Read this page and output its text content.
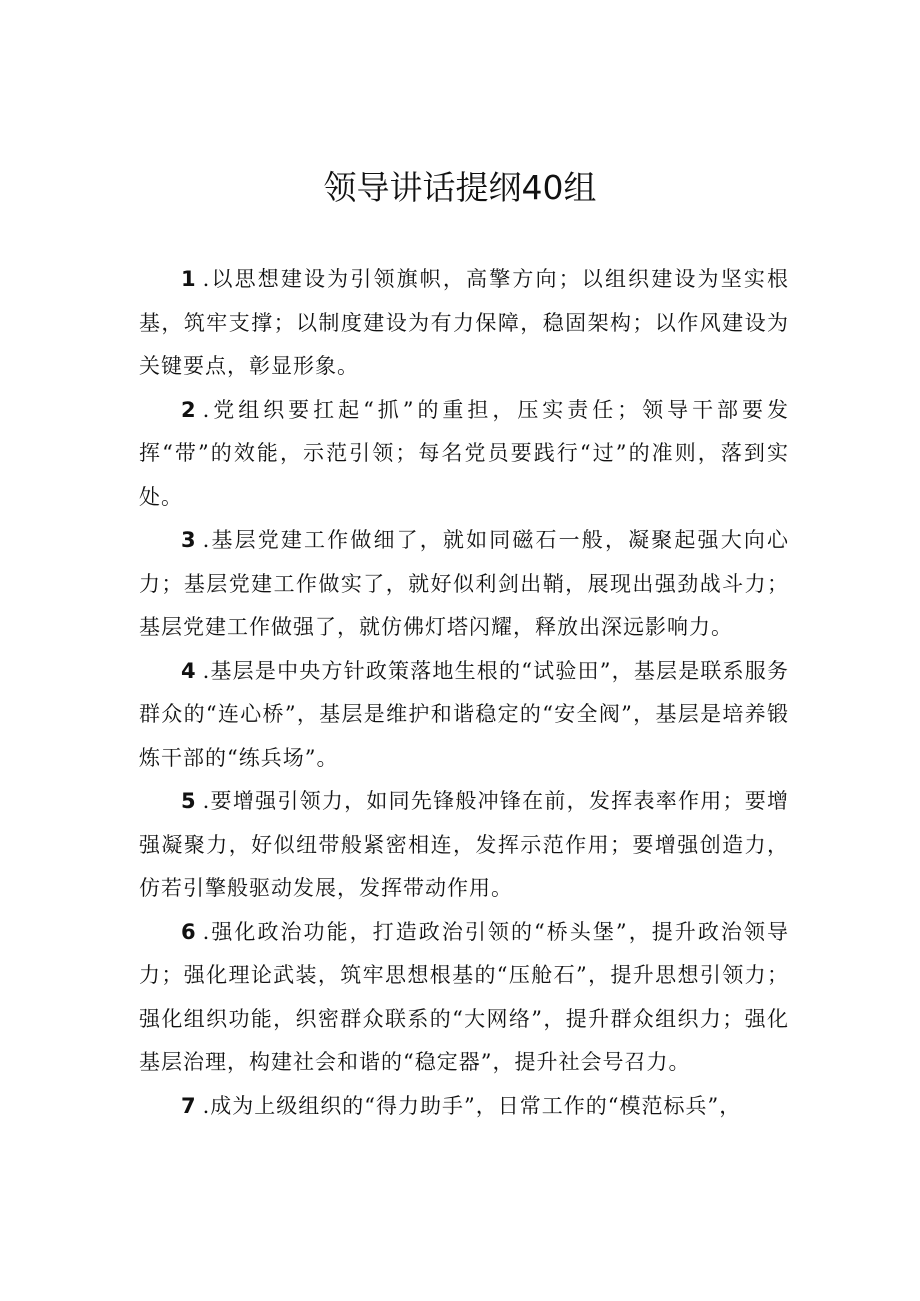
领导讲话提纲40组

1 .以思想建设为引领旗帜，高擎方向；以组织建设为坚实根基，筑牢支撑；以制度建设为有力保障，稳固架构；以作风建设为关键要点，彰显形象。

2 .党组织要扛起“抓”的重担，压实责任；领导干部要发挥“带”的效能，示范引领；每名党员要践行“过”的准则，落到实处。

3 .基层党建工作做细了，就如同磁石一般，凝聚起强大向心力；基层党建工作做实了，就好似利剑出鞘，展现出强劲战斗力；基层党建工作做强了，就仿佛灯塔闪耀，释放出深远影响力。

4 .基层是中央方针政策落地生根的“试验田”，基层是联系服务群众的“连心桥”，基层是维护和谐稳定的“安全阀”，基层是培养锻炼干部的“练兵场”。

5 .要增强引领力，如同先锋般冲锋在前，发挥表率作用；要增强凝聚力，好似纽带般紧密相连，发挥示范作用；要增强创造力，仿若引擎般驱动发展，发挥带动作用。

6 .强化政治功能，打造政治引领的“桥头堡”，提升政治领导力；强化理论武装，筑牢思想根基的“压舱石”，提升思想引领力；强化组织功能，织密群众联系的“大网络”，提升群众组织力；强化基层治理，构建社会和谐的“稳定器”，提升社会号召力。

7 .成为上级组织的“得力助手”，日常工作的“模范标兵”，
